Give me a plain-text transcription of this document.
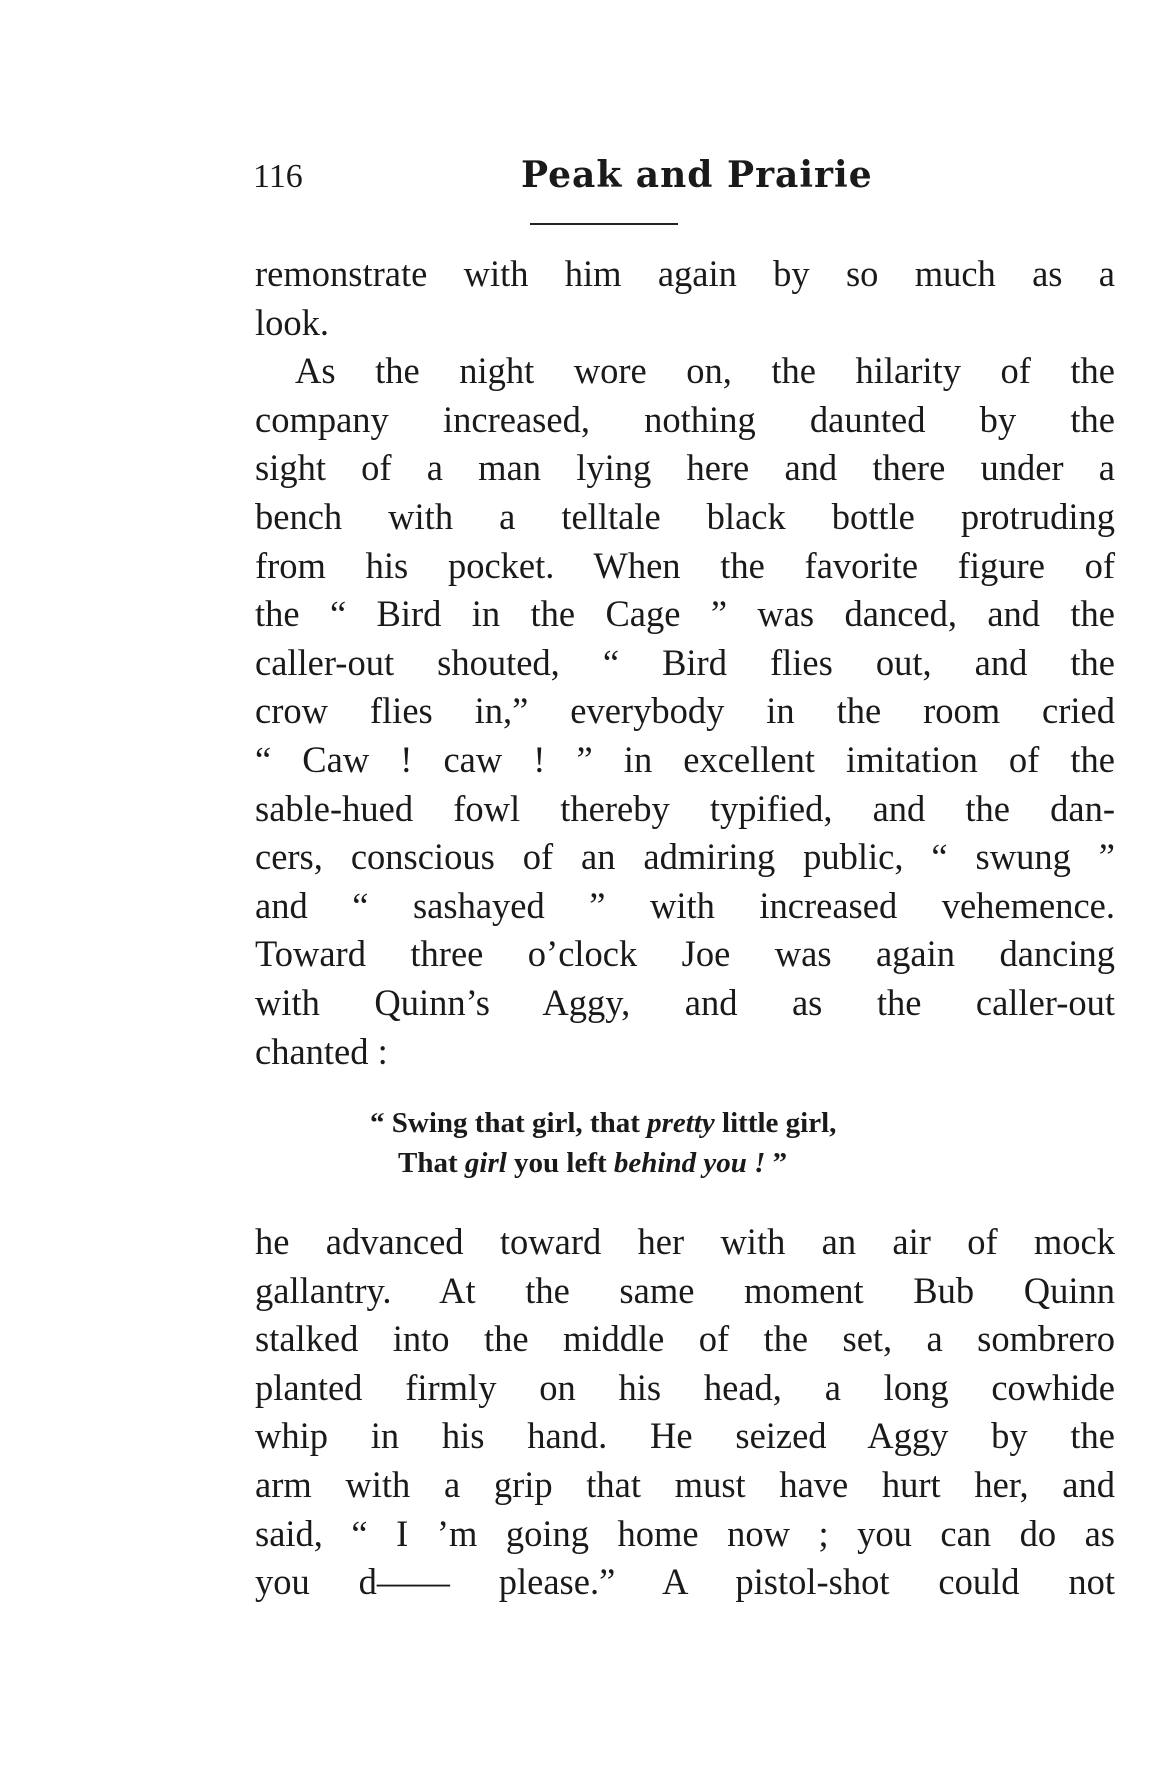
116	Peak and Prairie
remonstrate with him again by so much as a
look.
As the night wore on, the hilarity of the
company increased, nothing daunted by the
sight of a man lying here and there under a
bench with a telltale black bottle protruding
from his pocket. When the favorite figure of
the “ Bird in the Cage ” was danced, and the
caller-out shouted, “ Bird flies out, and the
crow flies in,” everybody in the room cried
“ Caw ! caw ! ” in excellent imitation of the
sable-hued fowl thereby typified, and the dan-
cers, conscious of an admiring public, “ swung ”
and “ sashayed ” with increased vehemence.
Toward three o’clock Joe was again dancing
with Quinn’s Aggy, and as the caller-out
chanted :
“ Swing that girl, that pretty little girl,
That girl you left behind you ! ”
he advanced toward her with an air of mock
gallantry. At the same moment Bub Quinn
stalked into the middle of the set, a sombrero
planted firmly on his head, a long cowhide
whip in his hand. He seized Aggy by the
arm with a grip that must have hurt her, and
said, “ I ’m going home now ; you can do as
you d—— please.” A pistol-shot could not
